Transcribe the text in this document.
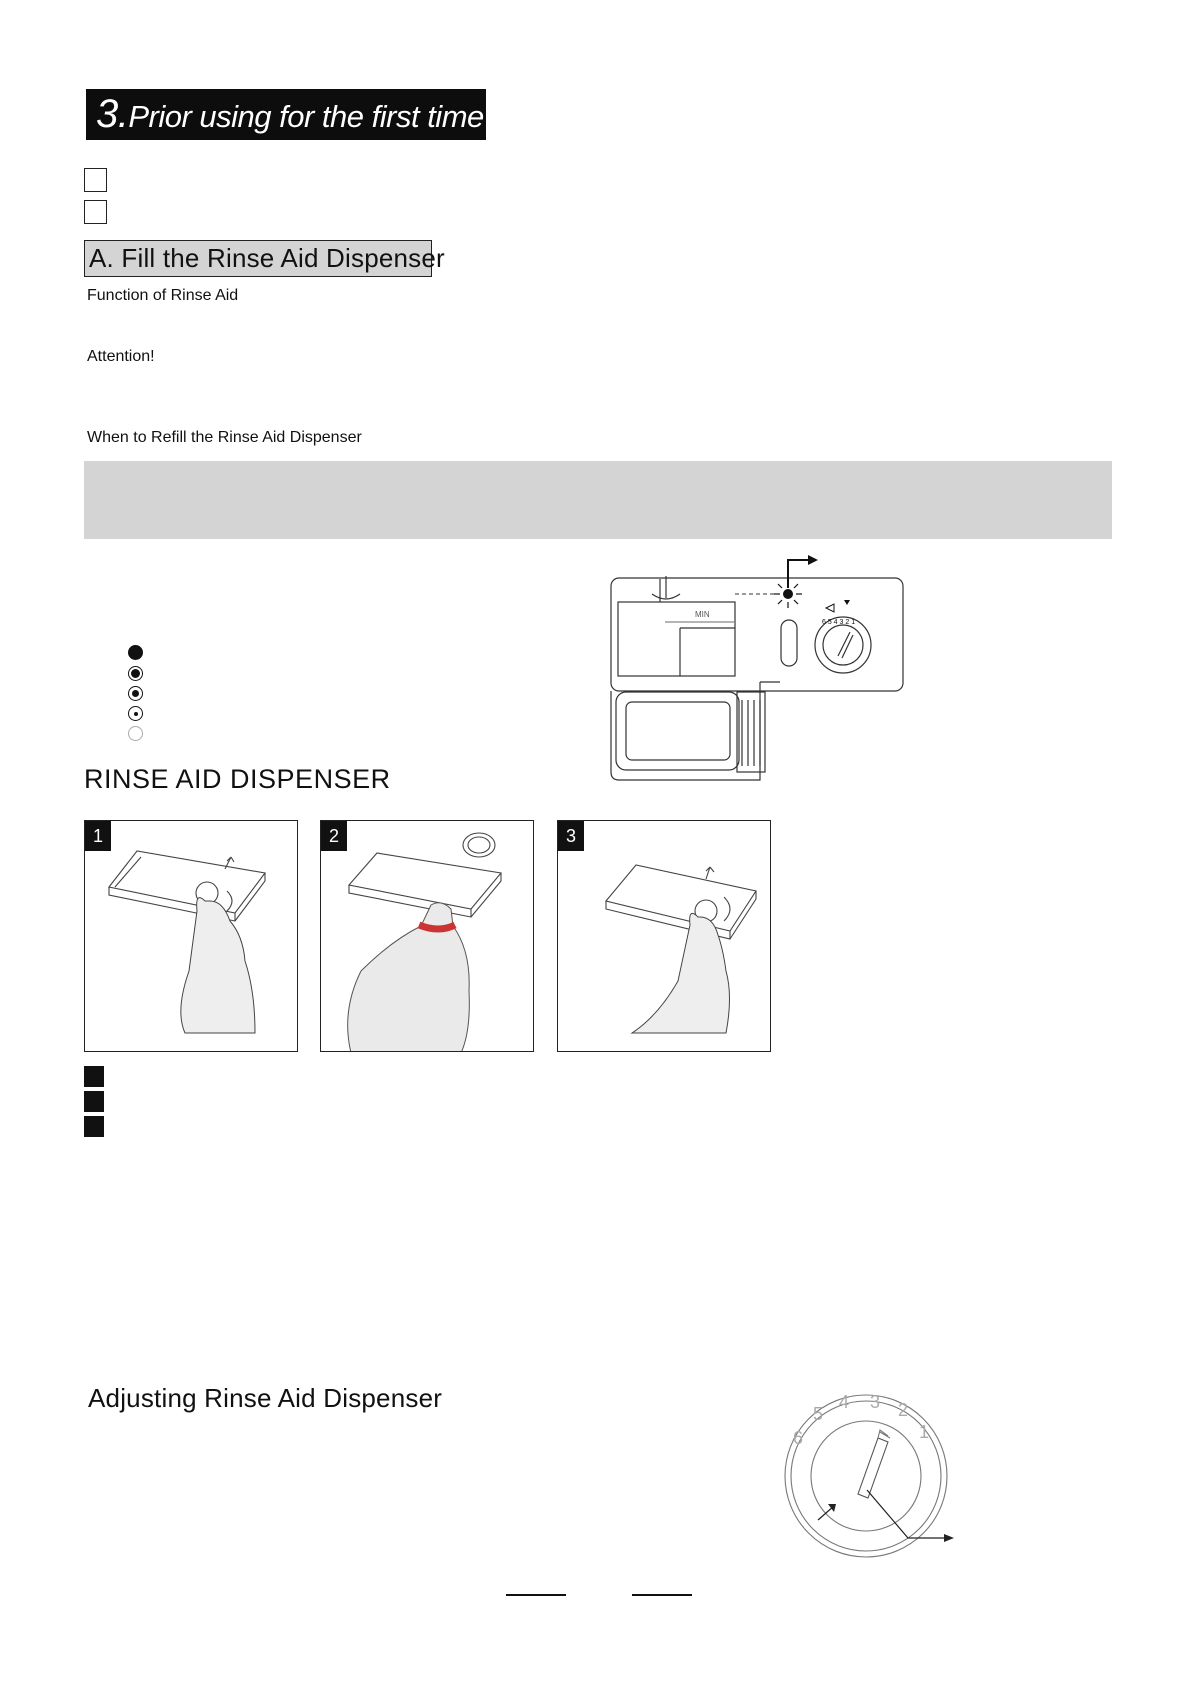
3.Prior using for the first time
A. Fill the Rinse Aid Dispenser
Function of Rinse Aid
Attention!
When to Refill the Rinse Aid Dispenser
MIN
6 5 4 3 2 1
RINSE AID DISPENSER
1	2	3
Adjusting Rinse Aid Dispenser
1
2
3
4
5
6
